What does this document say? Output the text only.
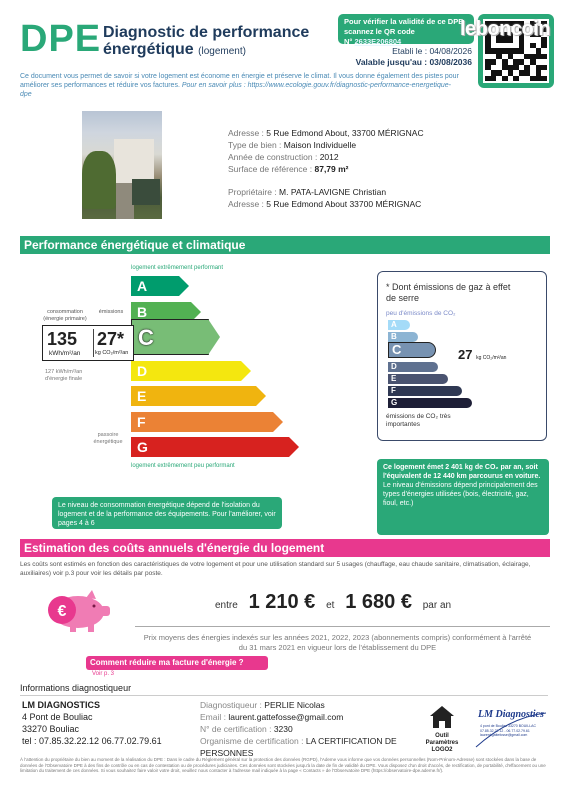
DPE Diagnostic de performance énergétique (logement)
Pour vérifier la validité de ce DPE, scannez le QR code
N° 2633E206804
Etabli le : 04/08/2026
Valable jusqu'au : 03/08/2036
leboncoin
Ce document vous permet de savoir si votre logement est économe en énergie et préserve le climat. Il vous donne également des pistes pour améliorer ses performances et réduire vos factures. Pour en savoir plus : https://www.ecologie.gouv.fr/diagnostic-performance-energetique-dpe
Adresse : 5 Rue Edmond About, 33700 MÉRIGNAC
Type de bien : Maison Individuelle
Année de construction : 2012
Surface de référence : 87,79 m²
Propriétaire : M. PATA-LAVIGNE Christian
Adresse : 5 Rue Edmond About 33700 MÉRIGNAC
Performance énergétique et climatique
logement extrêmement performant
A
B
C
D
E
F
G
logement extrêmement peu performant
consommation (énergie primaire)
émissions
135
kWh/m²/an
27*
kg CO₂/m²/an
127 kWh/m²/an d'énergie finale
passoire énergétique
* Dont émissions de gaz à effet de serre
peu d'émissions de CO₂
A
B
C
D
E
F
G
27 kg CO₂/m²/an
émissions de CO₂ très importantes
Le niveau de consommation énergétique dépend de l'isolation du logement et de la performance des équipements. Pour l'améliorer, voir pages 4 à 6
Ce logement émet 2 401 kg de CO₂ par an, soit l'équivalent de 12 440 km parcourus en voiture.
Le niveau d'émissions dépend principalement des types d'énergies utilisées (bois, électricité, gaz, fioul, etc.)
Estimation des coûts annuels d'énergie du logement
Les coûts sont estimés en fonction des caractéristiques de votre logement et pour une utilisation standard sur 5 usages (chauffage, eau chaude sanitaire, climatisation, éclairage, auxiliaires) voir p.3 pour voir les détails par poste.
€	entre 1 210 € et 1 680 € par an
Prix moyens des énergies indexés sur les années 2021, 2022, 2023 (abonnements compris) conformément à l'arrêté du 31 mars 2021 en vigueur lors de l'établissement du DPE
Comment réduire ma facture d'énergie ?
Voir p. 3
Informations diagnostiqueur
LM DIAGNOSTICS
4 Pont de Bouliac
33270 Bouliac
tel : 07.85.32.22.12 06.77.02.79.61
Diagnostiqueur : PERLIE Nicolas
Email : laurent.gattefosse@gmail.com
N° de certification : 3230
Organisme de certification : LA CERTIFICATION DE PERSONNES
Outil Paramètres LOGO2
LM Diagnostics
4 pont de Bouliac 33270 BOUILLAC 07.85.32.22.12 - 06.77.02.79.61 laurent.gattefosse@gmail.com
À l'attention du propriétaire du bien au moment de la réalisation du DPE : Dans le cadre du Règlement général sur la protection des données (RGPD), l'Ademe vous informe que vos données personnelles (Nom-Prénom-Adresse) sont stockées dans la base de données de l'Observatoire DPE à des fins de contrôle ou en cas de contestation ou de procédures judiciaires. Ces données sont stockées jusqu'à la date de fin de validité du DPE. Vous disposez d'un droit d'accès, de rectification, de portabilité, d'effacement ou une limitation du traitement de ces données. Si vous souhaitez faire valoir votre droit, veuillez nous contacter à l'adresse mail indiquée à la page « Contacts » de l'Observatoire DPE (https://observatoire-dpe.ademe.fr/).
